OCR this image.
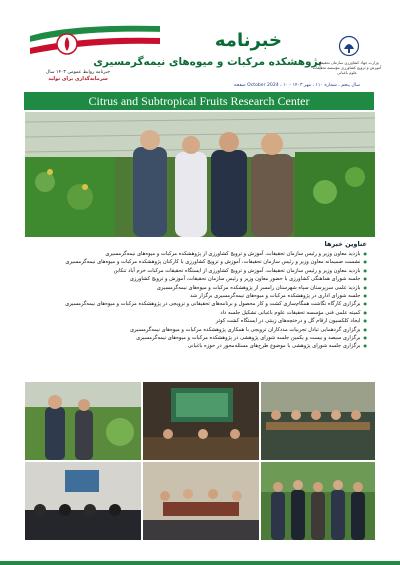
خبرنامه روابط عمومی ۱۴۰۳ سال
سرمایه‌گذاری برای تولید
خبرنامه
پژوهشکده مرکبات و میوه‌های نیمه‌گرمسیری
وزارت جهاد کشاورزی سازمان تحقیقات، آموزش و ترویج کشاورزی مؤسسه تحقیقات علوم باغبانی
سال پنجم ، شماره ۱۱۰ ، مهر ۱۴۰۳ - October 2024 ، ۱۰ صفحه
Citrus and Subtropical Fruits Research Center
عناوین خبرها
● بازدید معاون وزیر و رئیس سازمان تحقیقات، آموزش و ترویج کشاورزی از پژوهشکده مرکبات و میوه‌های نیمه‌گرمسیری
● نشست صمیمانه معاون وزیر و رئیس سازمان تحقیقات، آموزش و ترویج کشاورزی با کارکنان پژوهشکده مرکبات و میوه‌های نیمه‌گرمسیری
● بازدید معاون وزیر و رئیس سازمان تحقیقات، آموزش و ترویج کشاورزی از ایستگاه تحقیقات مرکبات خرم آباد تنکابن
● جلسه شورای هماهنگی کشاورزی با حضور معاون وزیر و رئیس سازمان تحقیقات، آموزش و ترویج کشاورزی
● بازدید علمی سرپرستان سپاه شهرستان رامسر از پژوهشکده مرکبات و میوه‌های نیمه‌گرمسیری
● جلسه شورای اداری در پژوهشکده مرکبات و میوه‌های نیمه‌گرمسیری برگزار شد
● برگزاری کارگاه نگاشت همگام‌سازی کشت و کار محصول و برنامه‌های تحقیقاتی و ترویجی در پژوهشکده مرکبات و میوه‌های نیمه‌گرمسیری
● کمیته علمی فنی مؤسسه تحقیقات علوم باغبانی تشکیل جلسه داد
● ایجاد کلکسیون ارقام گل و درختچه‌های زینتی در ایستگاه کشت کوثر
● برگزاری گردهمایی تبادل تجربیات مددکاران ترویجی با همکاری پژوهشکده مرکبات و میوه‌های نیمه‌گرمسیری
● برگزاری سیصد و بیست و یکمین جلسه شورای پژوهشی در پژوهشکده مرکبات و میوه‌های نیمه‌گرمسیری
● برگزاری جلسه شورای پژوهشی با موضوع طرح‌های مسئله‌محور در حوزه باغبانی
